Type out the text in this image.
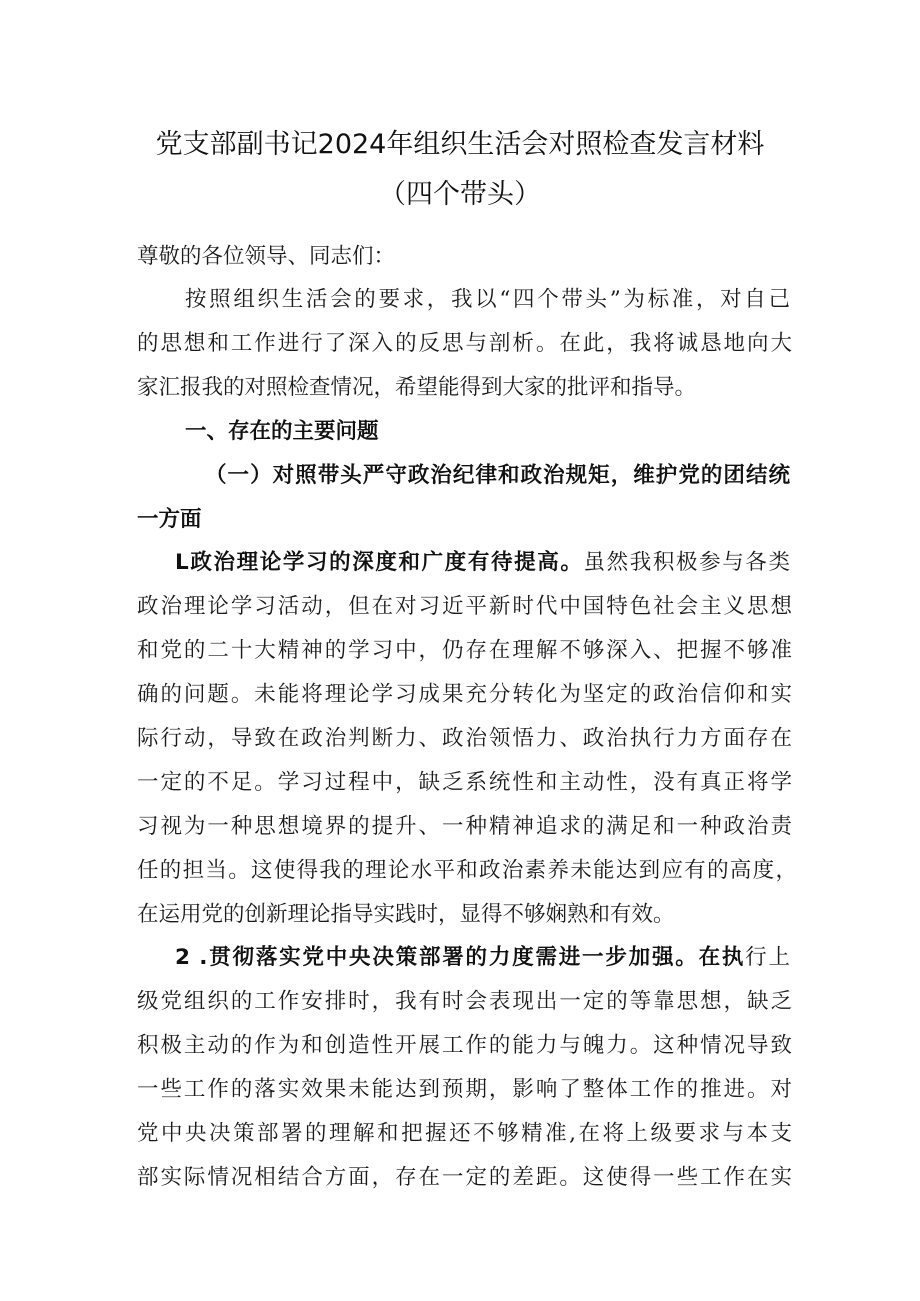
党支部副书记2024年组织生活会对照检查发言材料
（四个带头）
尊敬的各位领导、同志们：
按照组织生活会的要求，我以“四个带头”为标准，对自己
的思想和工作进行了深入的反思与剖析。在此，我将诚恳地向大
家汇报我的对照检查情况，希望能得到大家的批评和指导。
一、存在的主要问题
（一）对照带头严守政治纪律和政治规矩，维护党的团结统
一方面
L政治理论学习的深度和广度有待提高。虽然我积极参与各类
政治理论学习活动，但在对习近平新时代中国特色社会主义思想
和党的二十大精神的学习中，仍存在理解不够深入、把握不够准
确的问题。未能将理论学习成果充分转化为坚定的政治信仰和实
际行动，导致在政治判断力、政治领悟力、政治执行力方面存在
一定的不足。学习过程中，缺乏系统性和主动性，没有真正将学
习视为一种思想境界的提升、一种精神追求的满足和一种政治责
任的担当。这使得我的理论水平和政治素养未能达到应有的高度，
在运用党的创新理论指导实践时，显得不够娴熟和有效。
2 .贯彻落实党中央决策部署的力度需进一步加强。在执行上
级党组织的工作安排时，我有时会表现出一定的等靠思想，缺乏
积极主动的作为和创造性开展工作的能力与魄力。这种情况导致
一些工作的落实效果未能达到预期，影响了整体工作的推进。对
党中央决策部署的理解和把握还不够精准,在将上级要求与本支
部实际情况相结合方面，存在一定的差距。这使得一些工作在实
